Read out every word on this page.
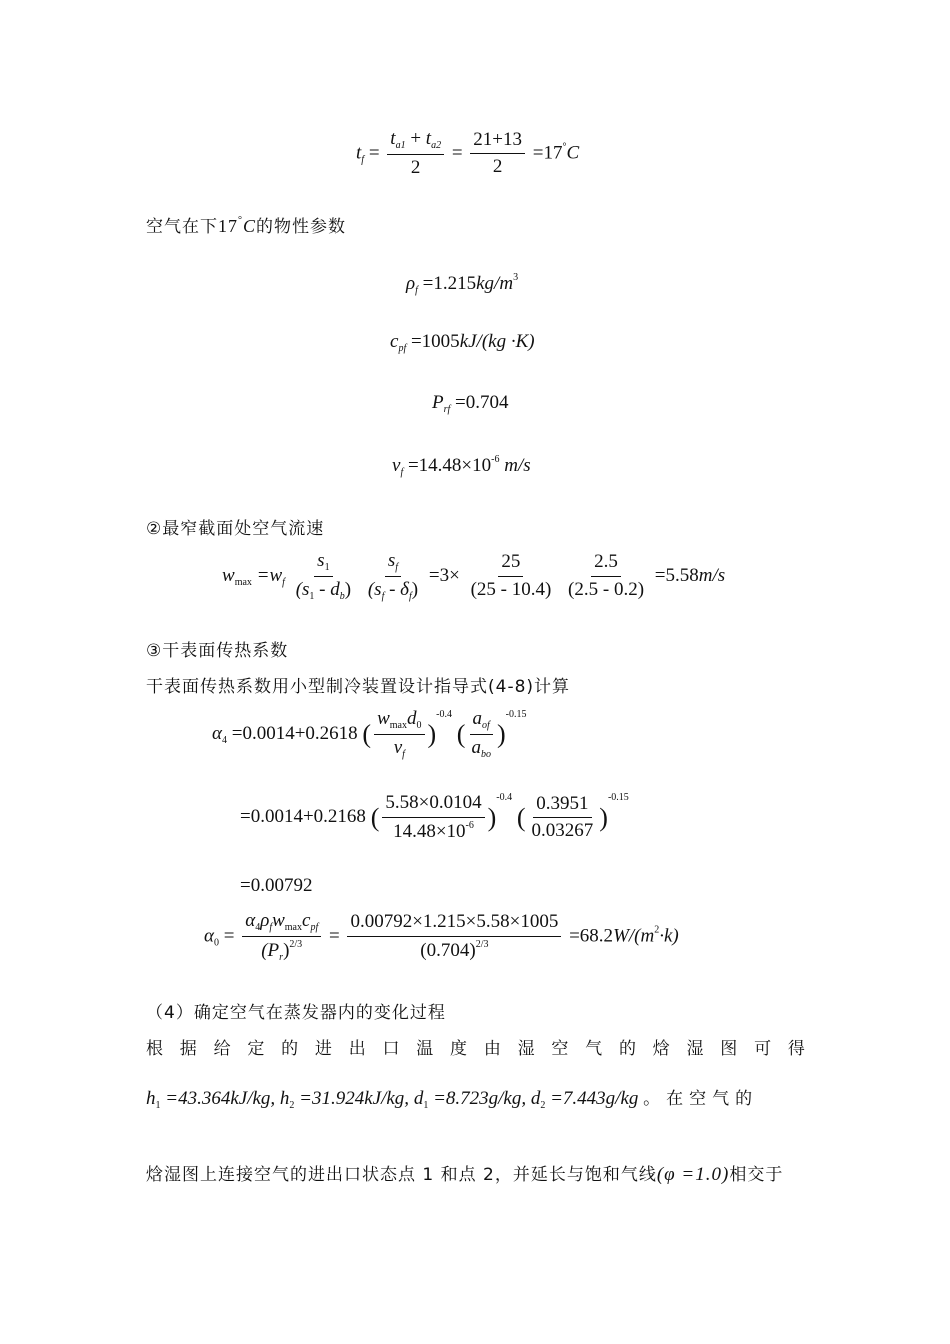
$t_f = \frac{t_{a1} + t_{a2}}{2} = \frac{21+13}{2} =17^\circ C$
空气在下17°C的物性参数
$\rho_f =1.215kg/m^3$
$c_{pf} =1005kJ/(kg \cdot K)$
$P_{rf} =0.704$
$v_f =14.48\times 10^{-6}$ m/s
②最窄截面处空气流速
$w_{max} =w_f \frac{s_1}{(s_1 - d_b)}$
$\frac{s_f}{(s_f - \delta_f)} =3\times \frac{25}{(25 - 10.4)}$
$\frac{2.5}{(2.5 - 0.2)} =5.58m/s$
③干表面传热系数
干表面传热系数用小型制冷装置设计指导式(4-8)计算
$\alpha_4 =0.0014+0.2618$ ( $\frac{w_{max}d_0}{v_f} )^{-0.4}$ ( $\frac{a_{of}}{a_{bo}} )^{-0.15}$
=0.0014+0.2168 ( $\frac{5.58\times 0.0104}{14.48\times 10^{-6}} )^{-0.4}$ ( $\frac{0.3951}{0.03267} )^{-0.15}$
=0.00792
$\alpha_0 = \frac{\alpha_4\rho_fw_{max}c_{pf}}{(P_r)^{2/3}} = \frac{0.00792\times 1.215\times 5.58\times 1005}{(0.704)^{2/3}} =68.2W/(m^2\cdot k)$
（4）确定空气在蒸发器内的变化过程
根 据 给 定 的 进 出 口 温 度 由 湿 空 气 的 焓 湿 图 可 得
$h_1 =43.364kJ/kg$, $h_2 =31.924kJ/kg$, $d_1 =8.723g/kg$, $d_2 =7.443g/kg$ 。在空气的
焓湿图上连接空气的进出口状态点 1 和点 2，并延长与饱和气线(φ =1.0)相交于
